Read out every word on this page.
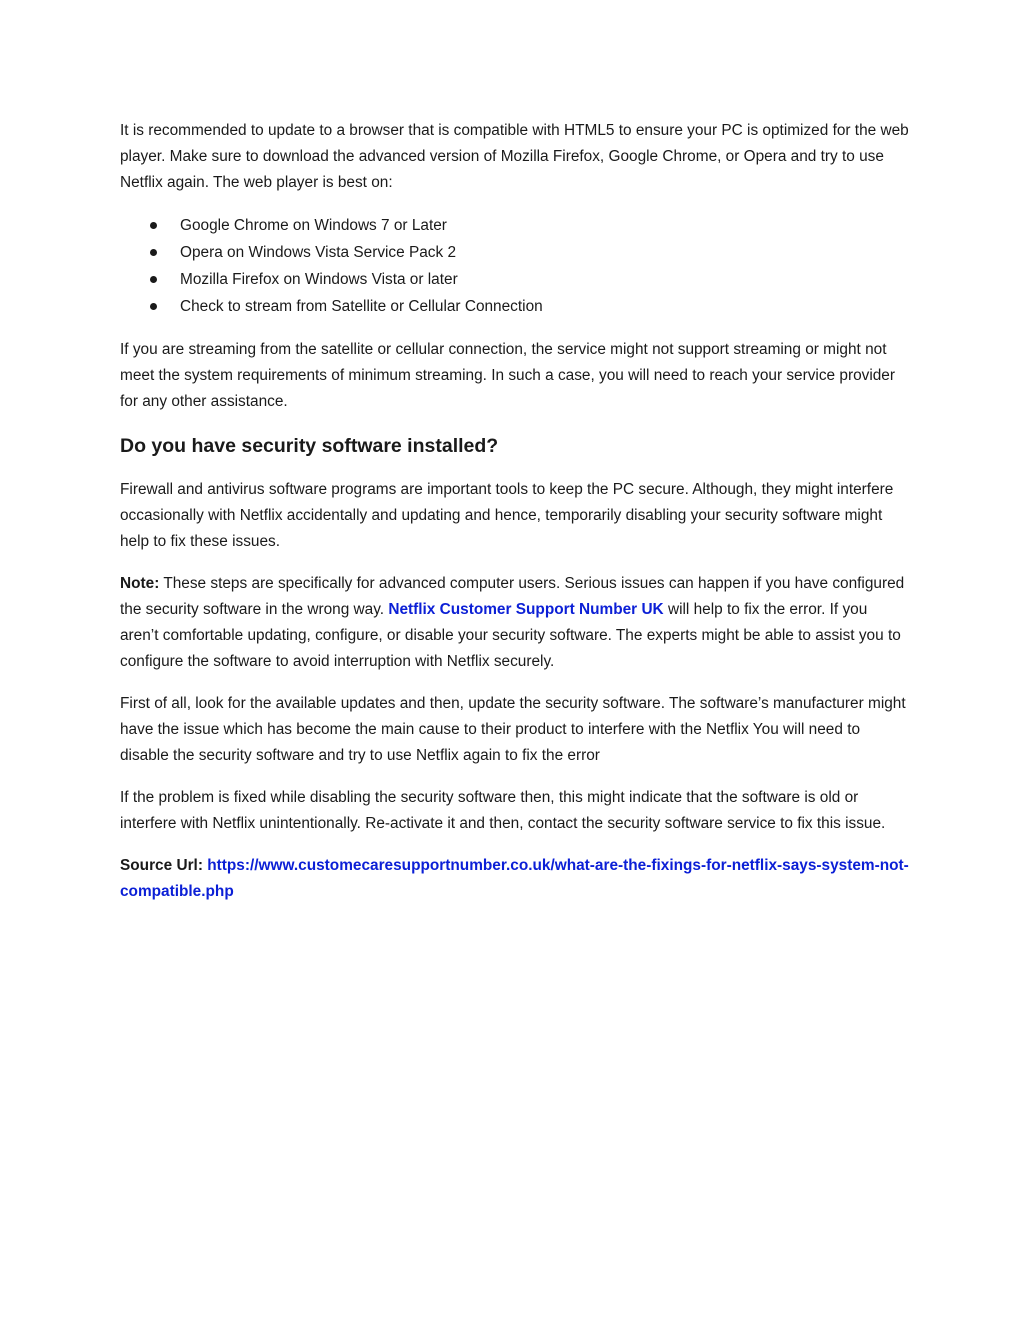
It is recommended to update to a browser that is compatible with HTML5 to ensure your PC is optimized for the web player. Make sure to download the advanced version of Mozilla Firefox, Google Chrome, or Opera and try to use Netflix again. The web player is best on:

Google Chrome on Windows 7 or Later
Opera on Windows Vista Service Pack 2
Mozilla Firefox on Windows Vista or later
Check to stream from Satellite or Cellular Connection

If you are streaming from the satellite or cellular connection, the service might not support streaming or might not meet the system requirements of minimum streaming. In such a case, you will need to reach your service provider for any other assistance.

Do you have security software installed?

Firewall and antivirus software programs are important tools to keep the PC secure. Although, they might interfere occasionally with Netflix accidentally and updating and hence, temporarily disabling your security software might help to fix these issues.

Note: These steps are specifically for advanced computer users. Serious issues can happen if you have configured the security software in the wrong way. Netflix Customer Support Number UK will help to fix the error. If you aren’t comfortable updating, configure, or disable your security software. The experts might be able to assist you to configure the software to avoid interruption with Netflix securely.

First of all, look for the available updates and then, update the security software. The software’s manufacturer might have the issue which has become the main cause to their product to interfere with the Netflix You will need to disable the security software and try to use Netflix again to fix the error

If the problem is fixed while disabling the security software then, this might indicate that the software is old or interfere with Netflix unintentionally. Re-activate it and then, contact the security software service to fix this issue.

Source Url: https://www.customecaresupportnumber.co.uk/what-are-the-fixings-for-netflix-says-system-not-compatible.php
